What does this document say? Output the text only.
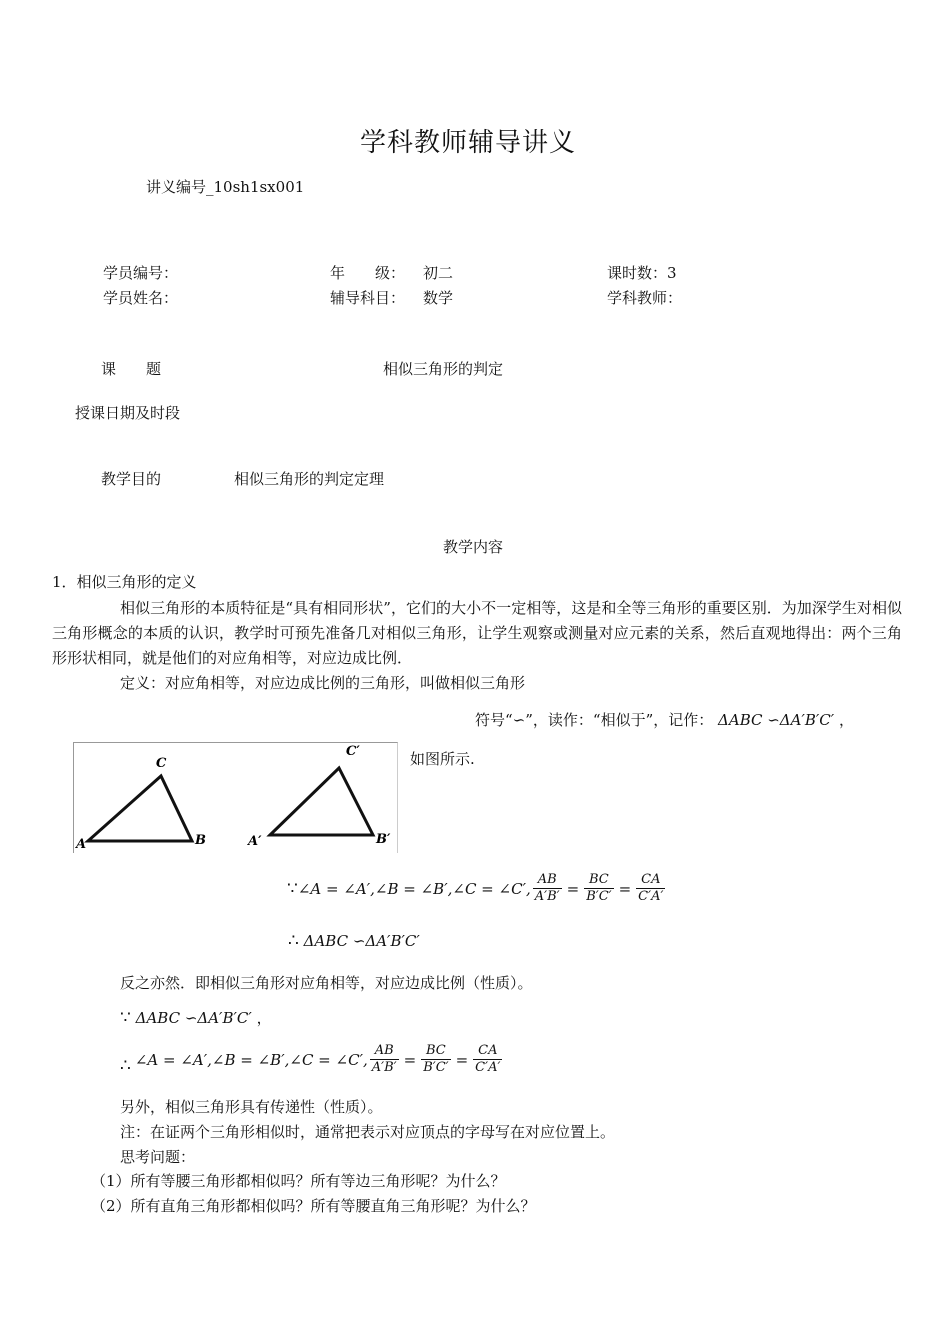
学科教师辅导讲义
讲义编号_10sh1sx001
学员编号：	年　　级： 初二	课时数：3
学员姓名：	辅导科目： 数学	学科教师：
课　　题	相似三角形的判定
授课日期及时段
教学目的	相似三角形的判定定理
教学内容
1．相似三角形的定义
相似三角形的本质特征是“具有相同形状”，它们的大小不一定相等，这是和全等三角形的重要区别．为加深学生对相似三角形概念的本质的认识，教学时可预先准备几对相似三角形，让学生观察或测量对应元素的关系，然后直观地得出：两个三角形形状相同，就是他们的对应角相等，对应边成比例．
定义：对应角相等，对应边成比例的三角形，叫做相似三角形
符号“∽”，读作：“相似于”，记作： ΔABC ∽ΔA′B′C′ ，
A	B
C
A′	B′
C′	如图所示.
∵ ∠A = ∠A′,∠B = ∠B′,∠C = ∠C′, $\frac{AB}{A'B'} = \frac{BC}{B'C'} = \frac{CA}{C'A'}$
∴ ΔABC ∽ΔA′B′C′
反之亦然．即相似三角形对应角相等，对应边成比例（性质）。
∵ ΔABC ∽ΔA′B′C′ ，
∴ ∠A = ∠A′,∠B = ∠B′,∠C = ∠C′, $\frac{AB}{A'B'} = \frac{BC}{B'C'} = \frac{CA}{C'A'}$
另外，相似三角形具有传递性（性质）。
注：在证两个三角形相似时，通常把表示对应顶点的字母写在对应位置上。
思考问题：
（1）所有等腰三角形都相似吗？所有等边三角形呢？为什么？
（2）所有直角三角形都相似吗？所有等腰直角三角形呢？为什么？
